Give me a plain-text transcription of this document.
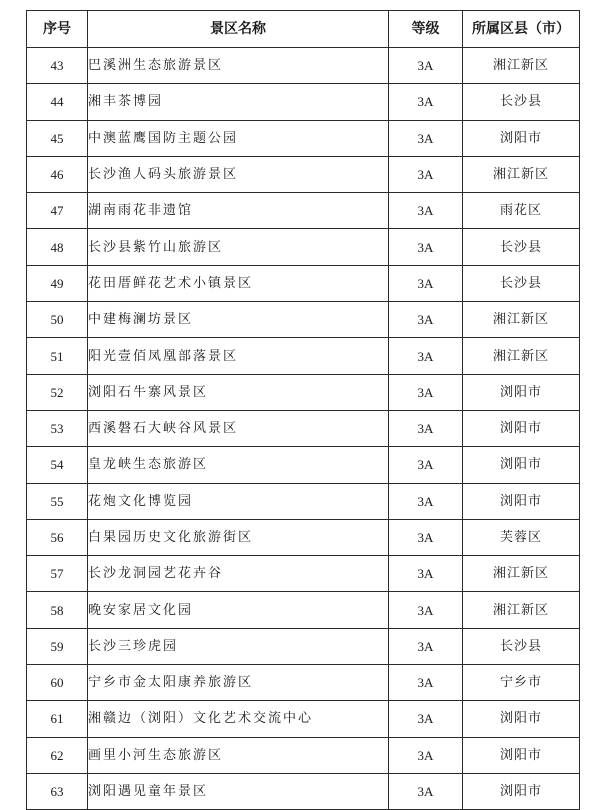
序号	景区名称	等级	所属区县（市）
43	巴溪洲生态旅游景区	3A	湘江新区
44	湘丰茶博园	3A	长沙县
45	中澳蓝鹰国防主题公园	3A	浏阳市
46	长沙渔人码头旅游景区	3A	湘江新区
47	湖南雨花非遗馆	3A	雨花区
48	长沙县紫竹山旅游区	3A	长沙县
49	花田厝鲜花艺术小镇景区	3A	长沙县
50	中建梅澜坊景区	3A	湘江新区
51	阳光壹佰凤凰部落景区	3A	湘江新区
52	浏阳石牛寨风景区	3A	浏阳市
53	西溪磐石大峡谷风景区	3A	浏阳市
54	皇龙峡生态旅游区	3A	浏阳市
55	花炮文化博览园	3A	浏阳市
56	白果园历史文化旅游街区	3A	芙蓉区
57	长沙龙洞园艺花卉谷	3A	湘江新区
58	晚安家居文化园	3A	湘江新区
59	长沙三珍虎园	3A	长沙县
60	宁乡市金太阳康养旅游区	3A	宁乡市
61	湘赣边（浏阳）文化艺术交流中心	3A	浏阳市
62	画里小河生态旅游区	3A	浏阳市
63	浏阳遇见童年景区	3A	浏阳市
